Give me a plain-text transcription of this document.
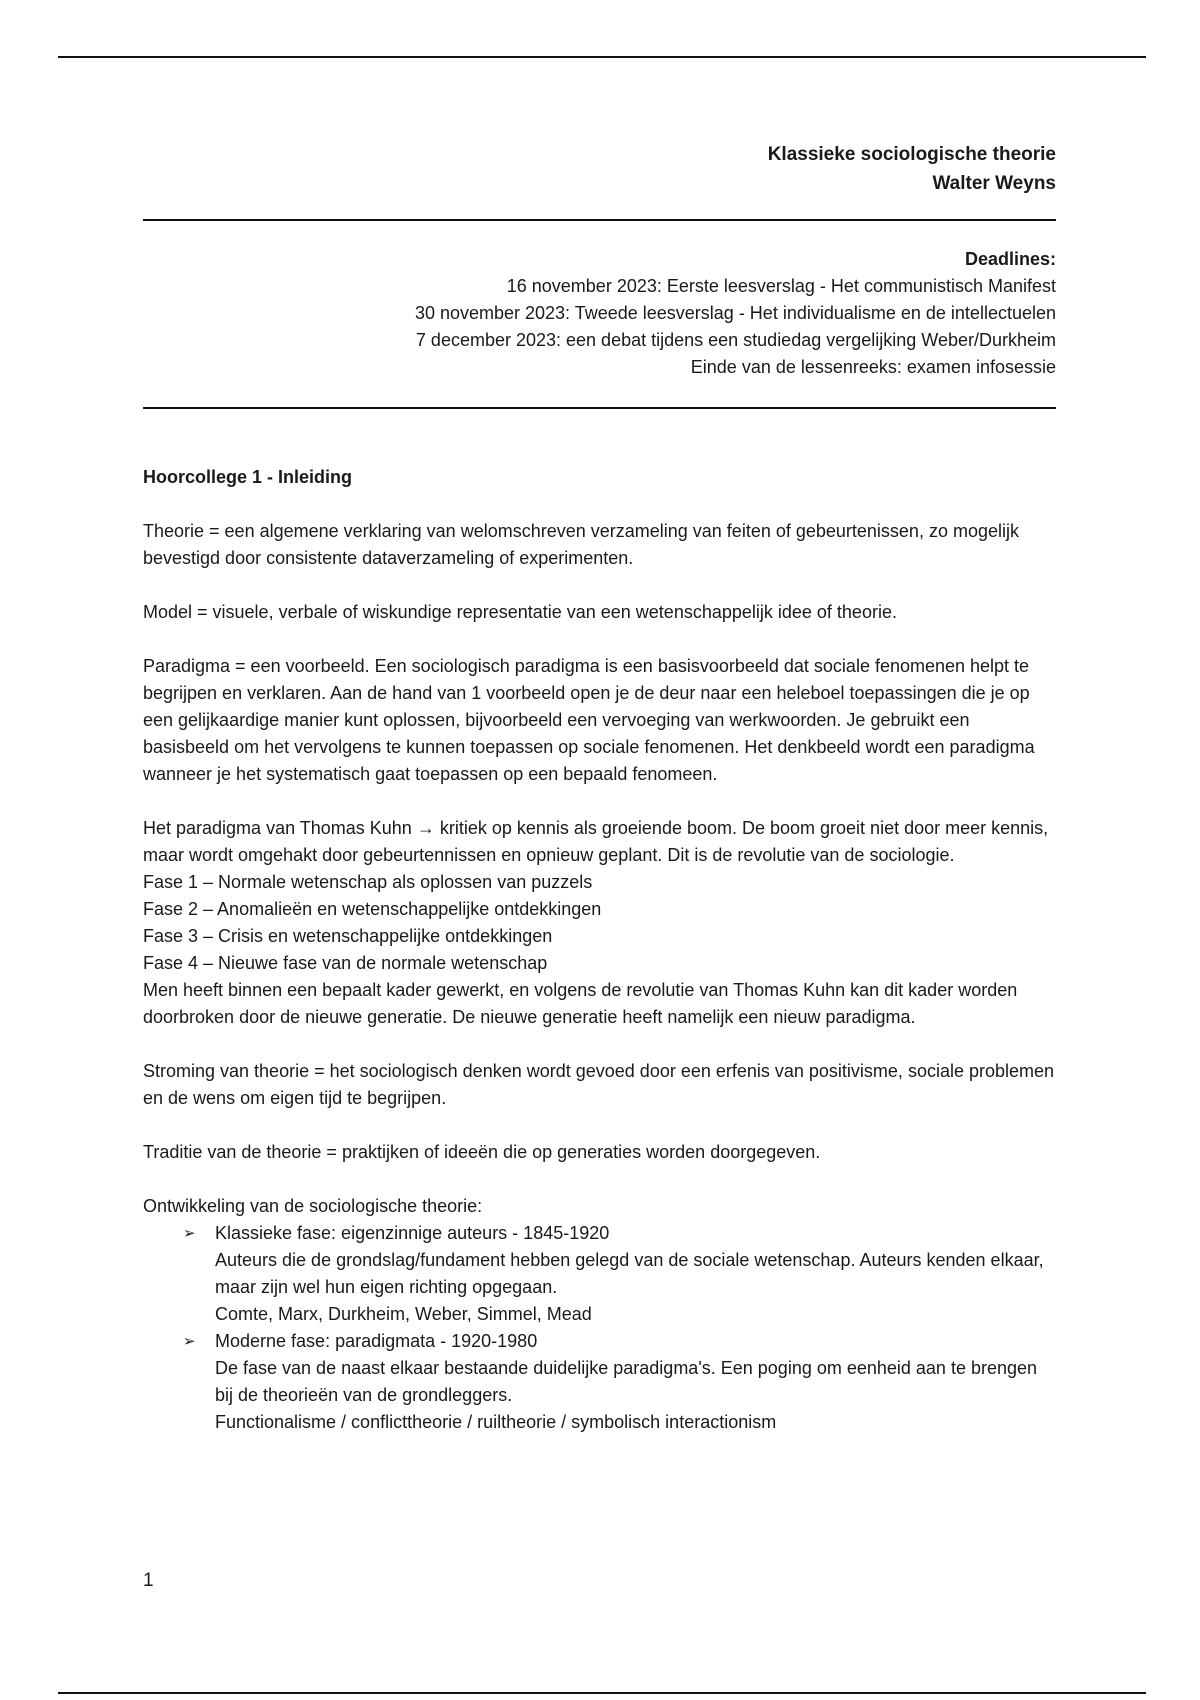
Klassieke sociologische theorie
Walter Weyns
Deadlines:
16 november 2023: Eerste leesverslag - Het communistisch Manifest
30 november 2023: Tweede leesverslag - Het individualisme en de intellectuelen
7 december 2023: een debat tijdens een studiedag vergelijking Weber/Durkheim
Einde van de lessenreeks: examen infosessie
Hoorcollege 1 - Inleiding

Theorie = een algemene verklaring van welomschreven verzameling van feiten of gebeurtenissen, zo mogelijk bevestigd door consistente dataverzameling of experimenten.

Model = visuele, verbale of wiskundige representatie van een wetenschappelijk idee of theorie.

Paradigma = een voorbeeld. Een sociologisch paradigma is een basisvoorbeeld dat sociale fenomenen helpt te begrijpen en verklaren. Aan de hand van 1 voorbeeld open je de deur naar een heleboel toepassingen die je op een gelijkaardige manier kunt oplossen, bijvoorbeeld een vervoeging van werkwoorden. Je gebruikt een basisbeeld om het vervolgens te kunnen toepassen op sociale fenomenen. Het denkbeeld wordt een paradigma wanneer je het systematisch gaat toepassen op een bepaald fenomeen.

Het paradigma van Thomas Kuhn → kritiek op kennis als groeiende boom. De boom groeit niet door meer kennis, maar wordt omgehakt door gebeurtennissen en opnieuw geplant. Dit is de revolutie van de sociologie.
Fase 1 – Normale wetenschap als oplossen van puzzels
Fase 2 – Anomalieën en wetenschappelijke ontdekkingen
Fase 3 – Crisis en wetenschappelijke ontdekkingen
Fase 4 – Nieuwe fase van de normale wetenschap

Men heeft binnen een bepaalt kader gewerkt, en volgens de revolutie van Thomas Kuhn kan dit kader worden doorbroken door de nieuwe generatie. De nieuwe generatie heeft namelijk een nieuw paradigma.

Stroming van theorie = het sociologisch denken wordt gevoed door een erfenis van positivisme, sociale problemen en de wens om eigen tijd te begrijpen.

Traditie van de theorie = praktijken of ideeën die op generaties worden doorgegeven.

Ontwikkeling van de sociologische theorie:
➢ Klassieke fase: eigenzinnige auteurs - 1845-1920
Auteurs die de grondslag/fundament hebben gelegd van de sociale wetenschap. Auteurs kenden elkaar, maar zijn wel hun eigen richting opgegaan.
Comte, Marx, Durkheim, Weber, Simmel, Mead
➢ Moderne fase: paradigmata - 1920-1980
De fase van de naast elkaar bestaande duidelijke paradigma's. Een poging om eenheid aan te brengen bij de theorieën van de grondleggers.
Functionalisme / conflicttheorie / ruiltheorie / symbolisch interactionism
1
